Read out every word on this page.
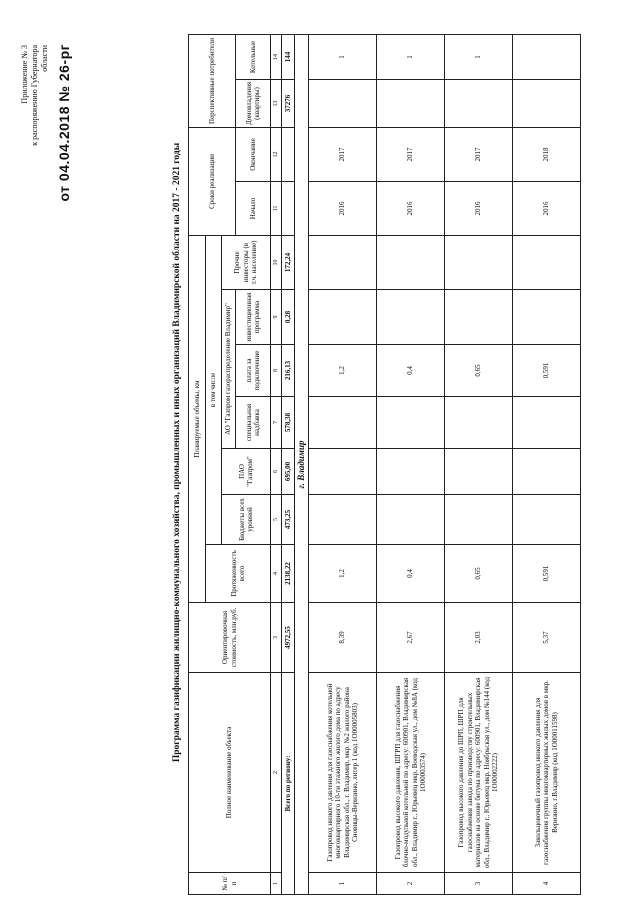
Приложение № 3 к распоряжению Губернатора области от 04.04.2018 № 26-рг
Программа газификации жилищно-коммунального хозяйства, промышленных и иных организаций Владимирской области на 2017 - 2021 годы
№ п/п	Полное наименование объекта	Ориентировочная стоимость, млн.руб.	Планируемые объемы, км							Сроки реализации		Перспективные потребители	
			Протяженность всего	в том числе									
				Бюджеты всех уровней	ПАО "Газпром"	АО "Газпром газораспределение Владимир"			Прочие инвесторы (в т.ч. население)				
						специальная надбавка	плата за подключение	инвестиционная программа		Начало	Окончание	Домовладения (квартиры)	Котельные
1	2	3	4	5	6	7	8	9	10	11	12	13	14
Всего по региону:		4972,55	2138,22	473,25	695,00	578,38	216,13	0,28	172,24			37276	144
г. Владимир													
1	Газопровод низкого давления для газоснабжения котельной многоквартирного 10-ти этажного жилого дома по адресу Владимирская обл., г. Владимир, мкр. №2 жилого района Сновицы-Веризино, литер 1 (код 1О00005803)	8,39	1,2				1,2			2016	2017		1
2	Газопровод высокого давления, ШГРП для газоснабжения блочно-модульной котельной по адресу: 600901, Владимирская обл., Владимир г., Юрьевец мкр, Воеводская ул., дом №8А (код 1О00003574)	2,67	0,4				0,4			2016	2017		1
3	Газопровод высокого давления до ШРП, ШРП для газоснабжения завода по производству строительных материалов на основе битума по адресу: 600901, Владимирская обл., Владимир г., Юрьевец мкр, Ноябрьская ул., дом №144 (код 1О00002222)	2,03	0,65				0,65			2016	2017		1
4	Закольцовочный газопровод низкого давления для газоснабжения группы многоквартирных жилых домов в мкр. Веризино, г.Владимир (код 1О00011598)	5,37	0,591				0,591			2016	2018		
